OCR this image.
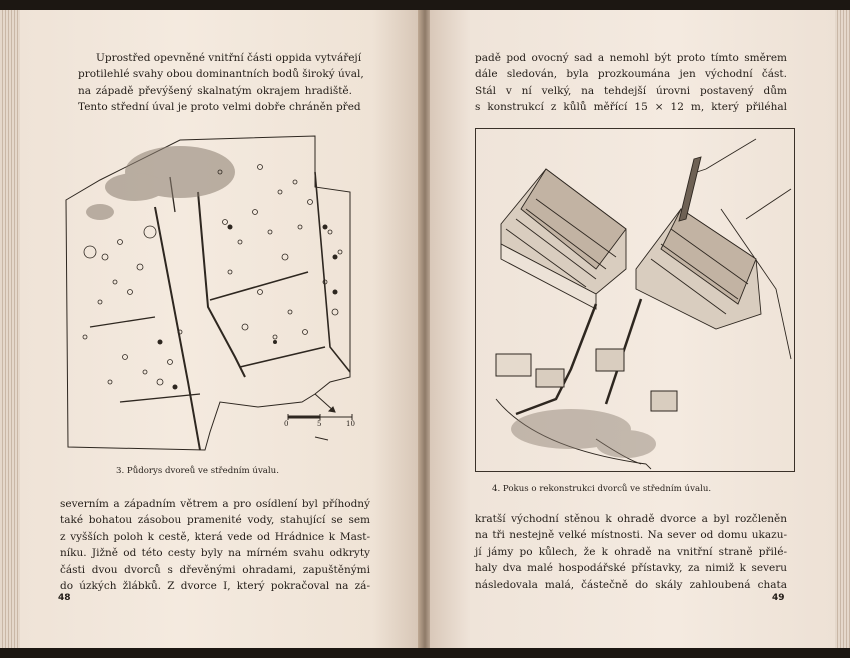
Uprostřed opevněné vnitřní části oppida vytvářejí
protilehlé svahy obou dominantních bodů široký úval,
na západě převýšený skalnatým okrajem hradiště.
Tento střední úval je proto velmi dobře chráněn před
0	5	10
3. Půdorys dvoreů ve středním úvalu.
severním a západním větrem a pro osídlení byl příhodný
také bohatou zásobou pramenité vody, stahující se sem
z vyšších poloh k cestě, která vede od Hrádnice k Mast-
níku. Jižně od této cesty byly na mírném svahu odkryty
části dvou dvorců s dřevěnými ohradami, zapuštěnými
do úzkých žlábků. Z dvorce I, který pokračoval na zá-
48
padě pod ovocný sad a nemohl být proto tímto směrem
dále sledován, byla prozkoumána jen východní část.
Stál v ní velký, na tehdejší úrovni postavený dům
s konstrukcí z kůlů měřící 15 × 12 m, který přiléhal
4. Pokus o rekonstrukci dvorců ve středním úvalu.
kratší východní stěnou k ohradě dvorce a byl rozčleněn
na tři nestejně velké místnosti. Na sever od domu ukazu-
jí jámy po kůlech, že k ohradě na vnitřní straně přilé-
haly dva malé hospodářské přístavky, za nimiž k severu
následovala malá, částečně do skály zahloubená chata
49
